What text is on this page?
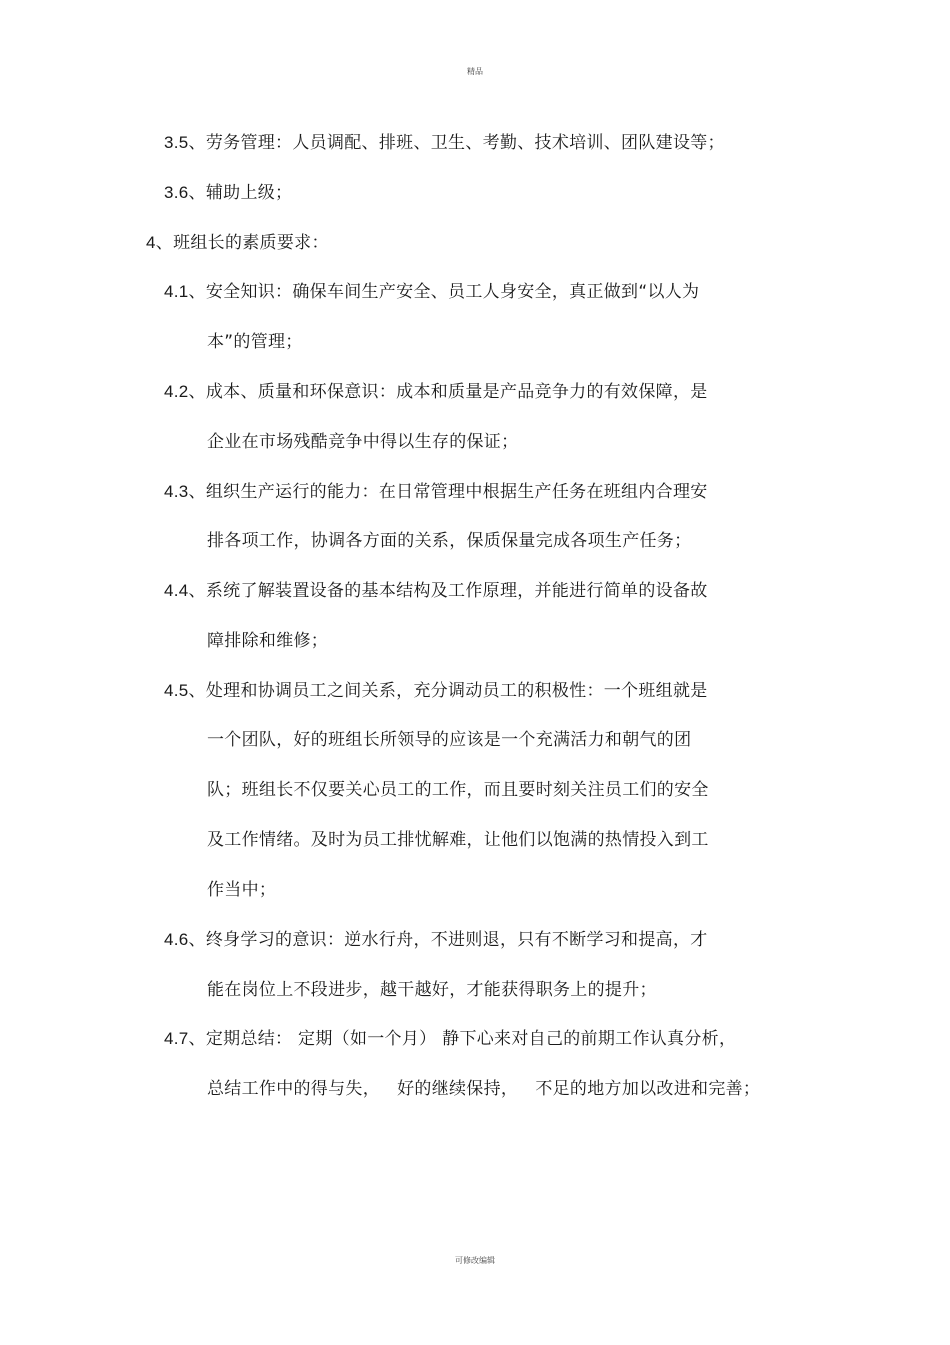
精品
3.5、劳务管理：人员调配、排班、卫生、考勤、技术培训、团队建设等；
3.6、辅助上级；
4、班组长的素质要求：
4.1、安全知识：确保车间生产安全、员工人身安全，真正做到“以人为
本”的管理；
4.2、成本、质量和环保意识：成本和质量是产品竞争力的有效保障，是
企业在市场残酷竞争中得以生存的保证；
4.3、组织生产运行的能力：在日常管理中根据生产任务在班组内合理安
排各项工作，协调各方面的关系，保质保量完成各项生产任务；
4.4、系统了解装置设备的基本结构及工作原理，并能进行简单的设备故
障排除和维修；
4.5、处理和协调员工之间关系，充分调动员工的积极性：一个班组就是
一个团队，好的班组长所领导的应该是一个充满活力和朝气的团
队；班组长不仅要关心员工的工作，而且要时刻关注员工们的安全
及工作情绪。及时为员工排忧解难，让他们以饱满的热情投入到工
作当中；
4.6、终身学习的意识：逆水行舟，不进则退，只有不断学习和提高，才
能在岗位上不段进步，越干越好，才能获得职务上的提升；
4.7、定期总结： 定期（如一个月） 静下心来对自己的前期工作认真分析，
总结工作中的得与失，   好的继续保持，   不足的地方加以改进和完善；
可修改编辑
